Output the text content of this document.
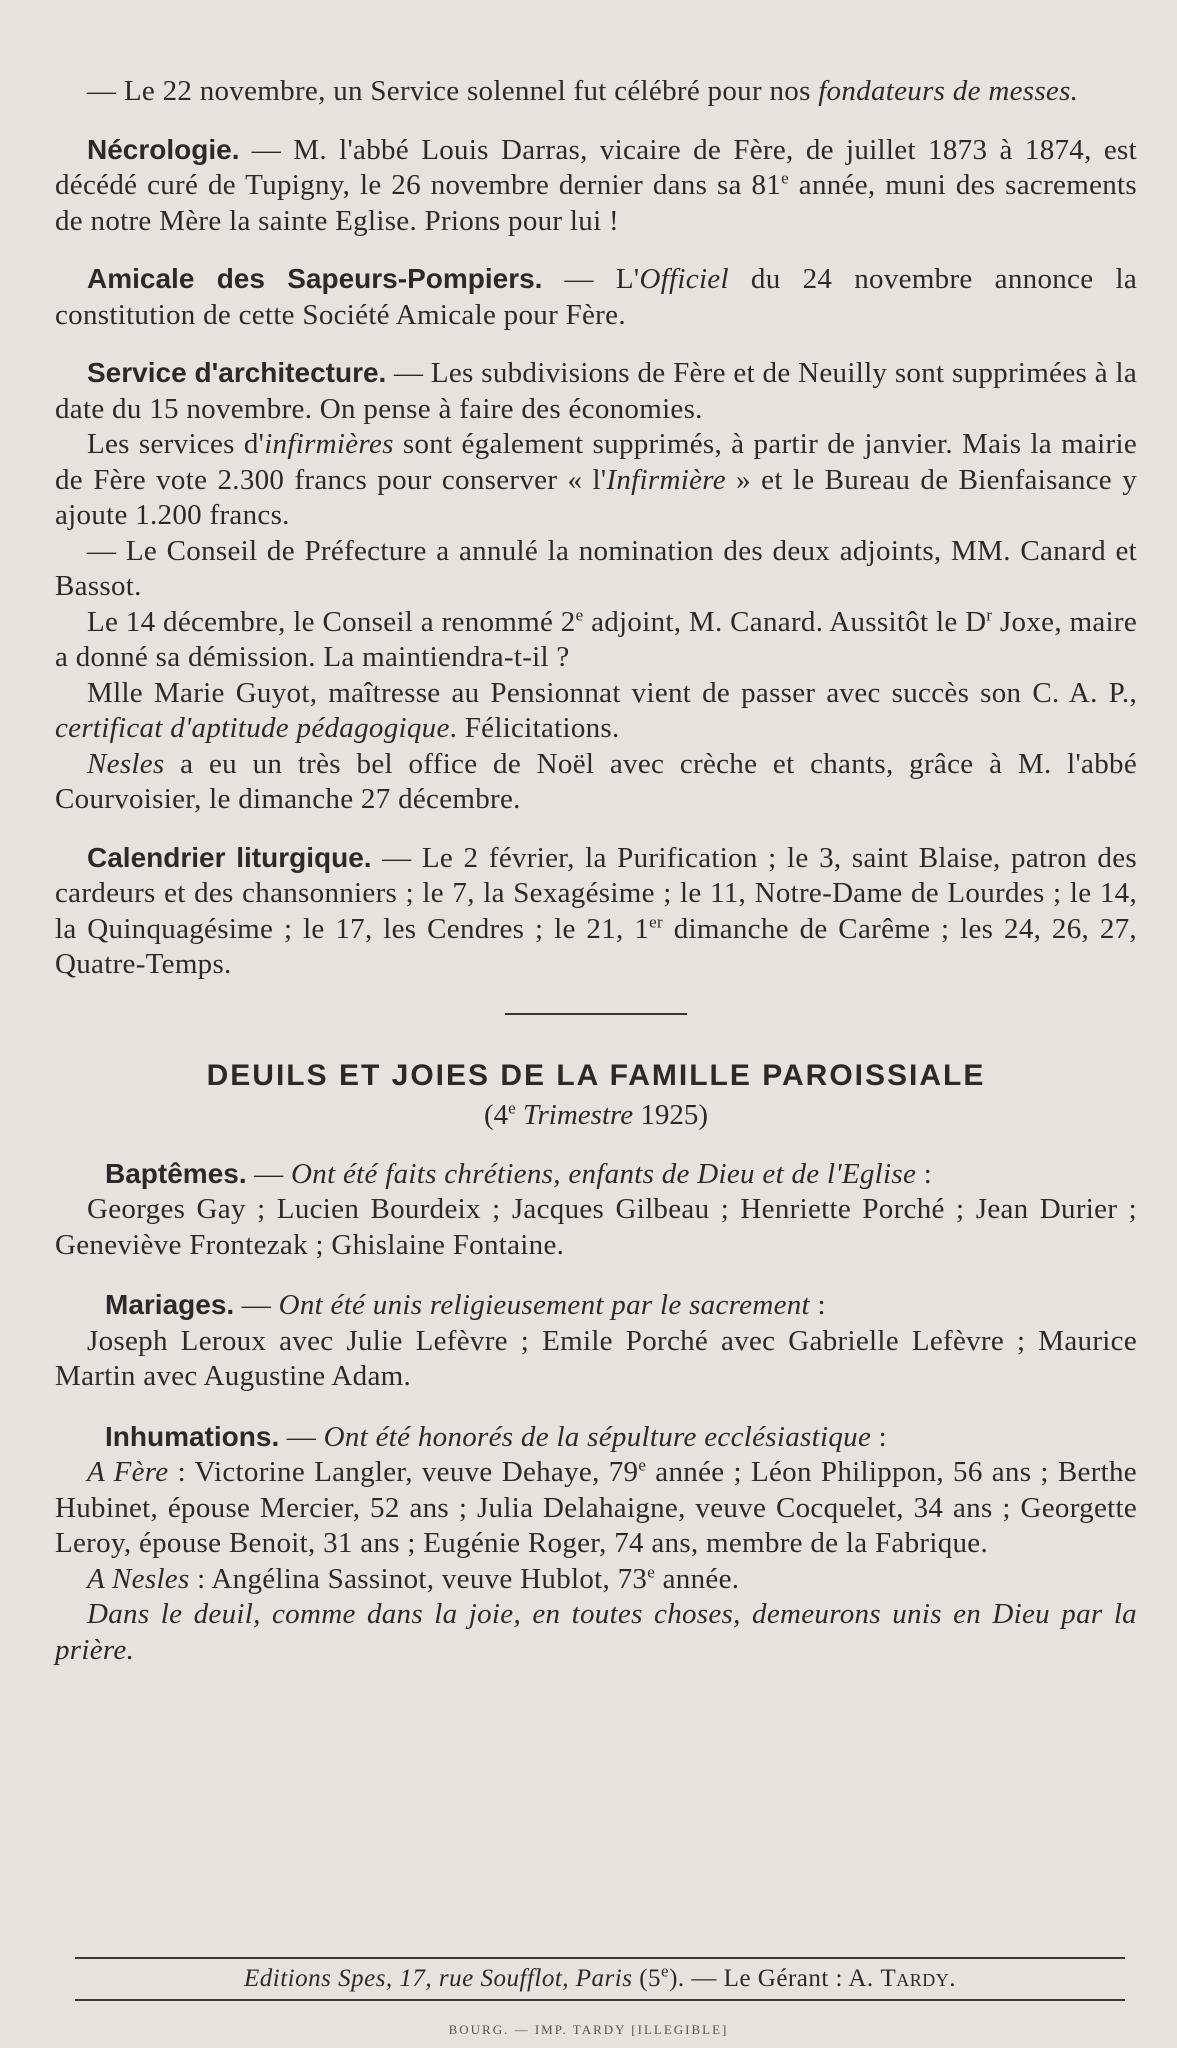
— Le 22 novembre, un Service solennel fut célébré pour nos fondateurs de messes.

Nécrologie. — M. l'abbé Louis Darras, vicaire de Fère, de juillet 1873 à 1874, est décédé curé de Tupigny, le 26 novembre dernier dans sa 81e année, muni des sacrements de notre Mère la sainte Eglise. Prions pour lui !

Amicale des Sapeurs-Pompiers. — L'Officiel du 24 novembre annonce la constitution de cette Société Amicale pour Fère.

Service d'architecture. — Les subdivisions de Fère et de Neuilly sont supprimées à la date du 15 novembre. On pense à faire des économies.

Les services d'infirmières sont également supprimés, à partir de janvier. Mais la mairie de Fère vote 2.300 francs pour conserver « l'Infirmière » et le Bureau de Bienfaisance y ajoute 1.200 francs.

— Le Conseil de Préfecture a annulé la nomination des deux adjoints, MM. Canard et Bassot.

Le 14 décembre, le Conseil a renommé 2e adjoint, M. Canard. Aussitôt le $D^r$ Joxe, maire a donné sa démission. La maintiendra-t-il ?

Mlle Marie Guyot, maîtresse au Pensionnat vient de passer avec succès son C. A. P., certificat d'aptitude pédagogique. Félicitations.

Nesles a eu un très bel office de Noël avec crèche et chants, grâce à M. l'abbé Courvoisier, le dimanche 27 décembre.

Calendrier liturgique. — Le 2 février, la Purification ; le 3, saint Blaise, patron des cardeurs et des chansonniers ; le 7, la Sexagésime ; le 11, Notre-Dame de Lourdes ; le 14, la Quinquagésime ; le 17, les Cendres ; le 21, 1er dimanche de Carême ; les 24, 26, 27, Quatre-Temps.

DEUILS ET JOIES DE LA FAMILLE PAROISSIALE
(4e Trimestre 1925)

Baptêmes. — Ont été faits chrétiens, enfants de Dieu et de l'Eglise :

Georges Gay ; Lucien Bourdeix ; Jacques Gilbeau ; Henriette Porché ; Jean Durier ; Geneviève Frontezak ; Ghislaine Fontaine.

Mariages. — Ont été unis religieusement par le sacrement :

Joseph Leroux avec Julie Lefèvre ; Emile Porché avec Gabrielle Lefèvre ; Maurice Martin avec Augustine Adam.

Inhumations. — Ont été honorés de la sépulture ecclésiastique :

A Fère : Victorine Langler, veuve Dehaye, 79e année ; Léon Philippon, 56 ans ; Berthe Hubinet, épouse Mercier, 52 ans ; Julia Delahaigne, veuve Cocquelet, 34 ans ; Georgette Leroy, épouse Benoit, 31 ans ; Eugénie Roger, 74 ans, membre de la Fabrique.

A Nesles : Angélina Sassinot, veuve Hublot, 73e année.

Dans le deuil, comme dans la joie, en toutes choses, demeurons unis en Dieu par la prière.

Editions Spes, 17, rue Soufflot, Paris (5e). — Le Gérant : A. Tardy.
BOURG. — IMP. TARDY [ILLEGIBLE]
